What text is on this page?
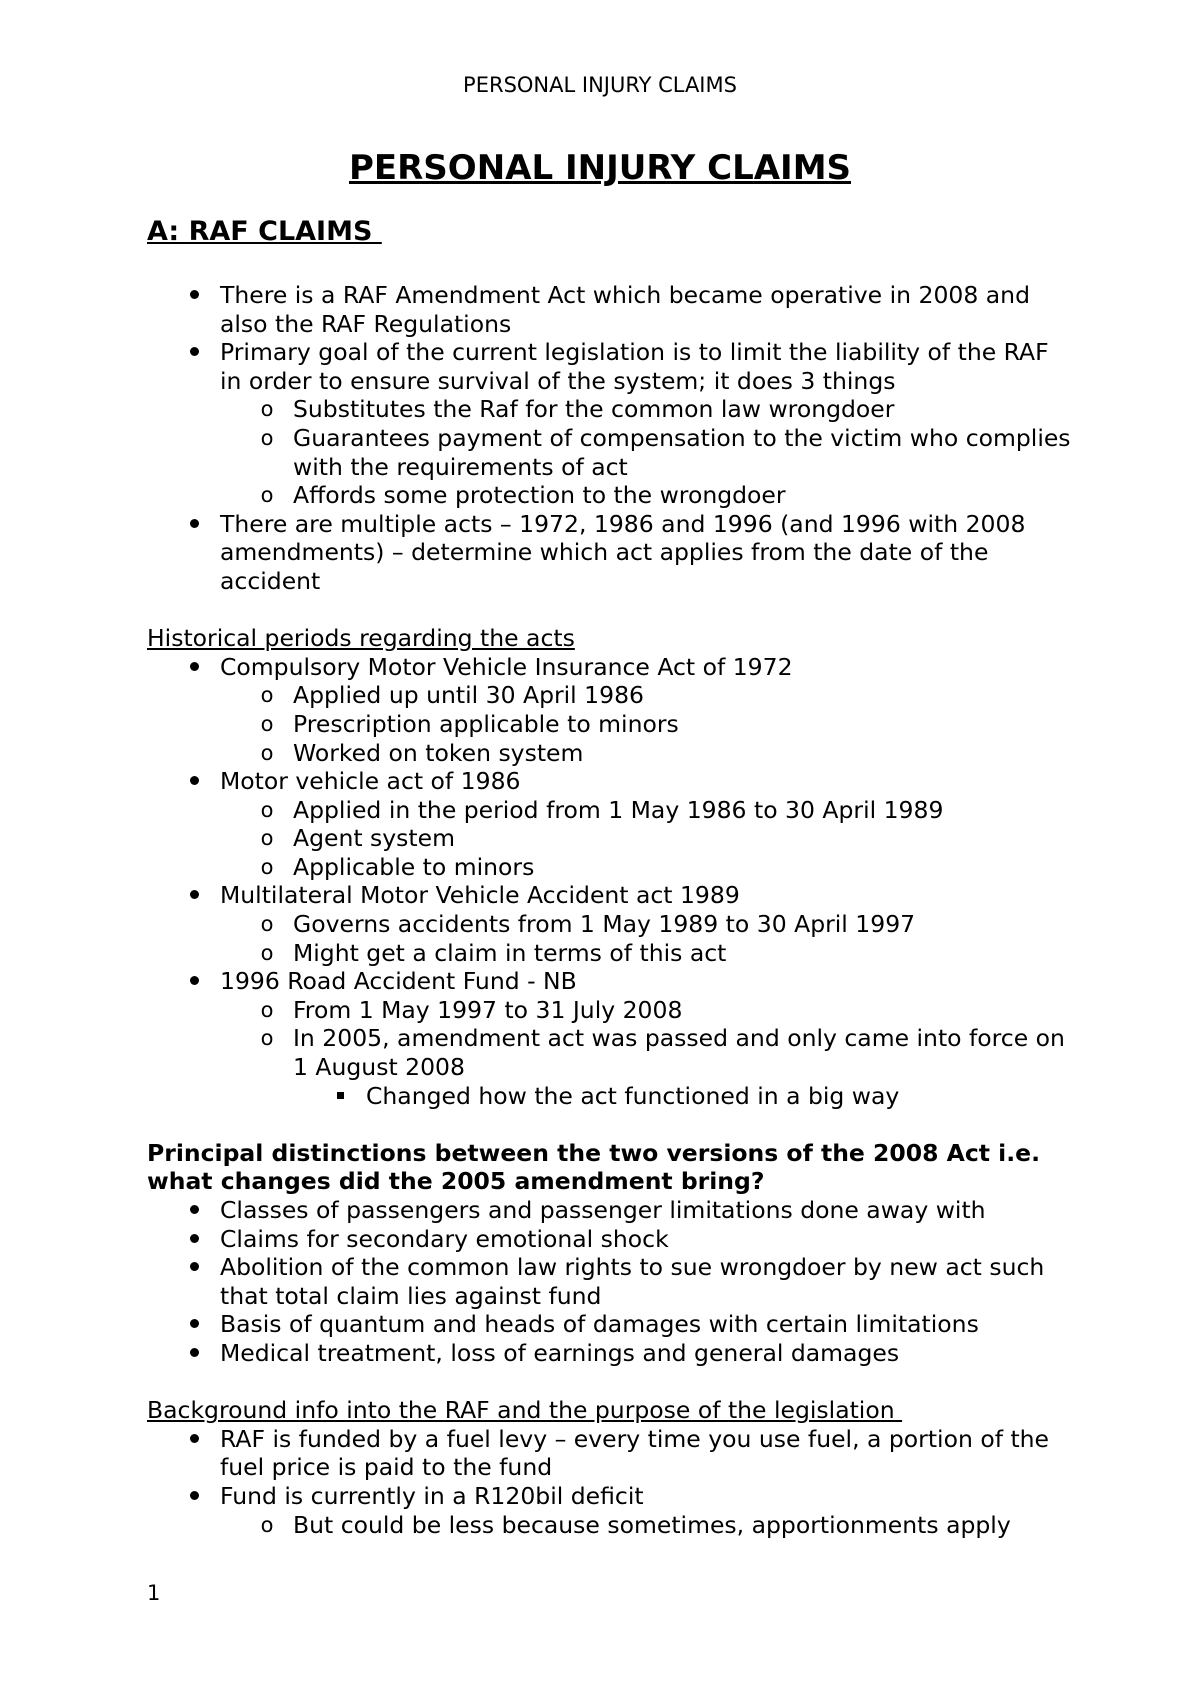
PERSONAL INJURY CLAIMS
PERSONAL INJURY CLAIMS
A: RAF CLAIMS
There is a RAF Amendment Act which became operative in 2008 and also the RAF Regulations
Primary goal of the current legislation is to limit the liability of the RAF in order to ensure survival of the system; it does 3 things
o Substitutes the Raf for the common law wrongdoer
o Guarantees payment of compensation to the victim who complies with the requirements of act
o Affords some protection to the wrongdoer
There are multiple acts – 1972, 1986 and 1996 (and 1996 with 2008 amendments) – determine which act applies from the date of the accident
Historical periods regarding the acts
Compulsory Motor Vehicle Insurance Act of 1972
o Applied up until 30 April 1986
o Prescription applicable to minors
o Worked on token system
Motor vehicle act of 1986
o Applied in the period from 1 May 1986 to 30 April 1989
o Agent system
o Applicable to minors
Multilateral Motor Vehicle Accident act 1989
o Governs accidents from 1 May 1989 to 30 April 1997
o Might get a claim in terms of this act
1996 Road Accident Fund - NB
o From 1 May 1997 to 31 July 2008
o In 2005, amendment act was passed and only came into force on 1 August 2008
Changed how the act functioned in a big way
Principal distinctions between the two versions of the 2008 Act i.e. what changes did the 2005 amendment bring?
Classes of passengers and passenger limitations done away with
Claims for secondary emotional shock
Abolition of the common law rights to sue wrongdoer by new act such that total claim lies against fund
Basis of quantum and heads of damages with certain limitations
Medical treatment, loss of earnings and general damages
Background info into the RAF and the purpose of the legislation
RAF is funded by a fuel levy – every time you use fuel, a portion of the fuel price is paid to the fund
Fund is currently in a R120bil deficit
o But could be less because sometimes, apportionments apply
1
